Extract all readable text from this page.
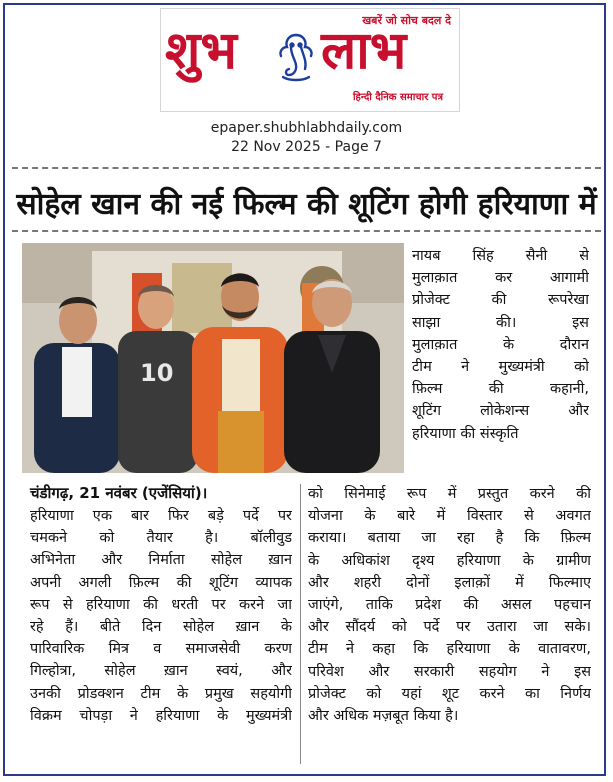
खबरें जो सोच बदल दे
शुभ लाभ
हिन्दी दैनिक समाचार पत्र
epaper.shubhlabhdaily.com
22 Nov 2025 - Page 7
सोहेल खान की नई फिल्म की शूटिंग होगी हरियाणा में
10
नायब सिंह सैनी से
मुलाक़ात कर आगामी
प्रोजेक्ट की रूपरेखा
साझा की। इस
मुलाक़ात के दौरान
टीम ने मुख्यमंत्री को
फ़िल्म की कहानी,
शूटिंग लोकेशन्स और
हरियाणा की संस्कृति
चंडीगढ़, 21 नवंबर (एजेंसियां)।
हरियाणा एक बार फिर बड़े पर्दे पर
चमकने को तैयार है। बॉलीवुड
अभिनेता और निर्माता सोहेल ख़ान
अपनी अगली फ़िल्म की शूटिंग व्यापक
रूप से हरियाणा की धरती पर करने जा
रहे हैं। बीते दिन सोहेल ख़ान के
पारिवारिक मित्र व समाजसेवी करण
गिल्होत्रा, सोहेल ख़ान स्वयं, और
उनकी प्रोडक्शन टीम के प्रमुख सहयोगी
विक्रम चोपड़ा ने हरियाणा के मुख्यमंत्री
को सिनेमाई रूप में प्रस्तुत करने की
योजना के बारे में विस्तार से अवगत
कराया। बताया जा रहा है कि फ़िल्म
के अधिकांश दृश्य हरियाणा के ग्रामीण
और शहरी दोनों इलाक़ों में फिल्माए
जाएंगे, ताकि प्रदेश की असल पहचान
और सौंदर्य को पर्दे पर उतारा जा सके।
टीम ने कहा कि हरियाणा के वातावरण,
परिवेश और सरकारी सहयोग ने इस
प्रोजेक्ट को यहां शूट करने का निर्णय
और अधिक मज़बूत किया है।
